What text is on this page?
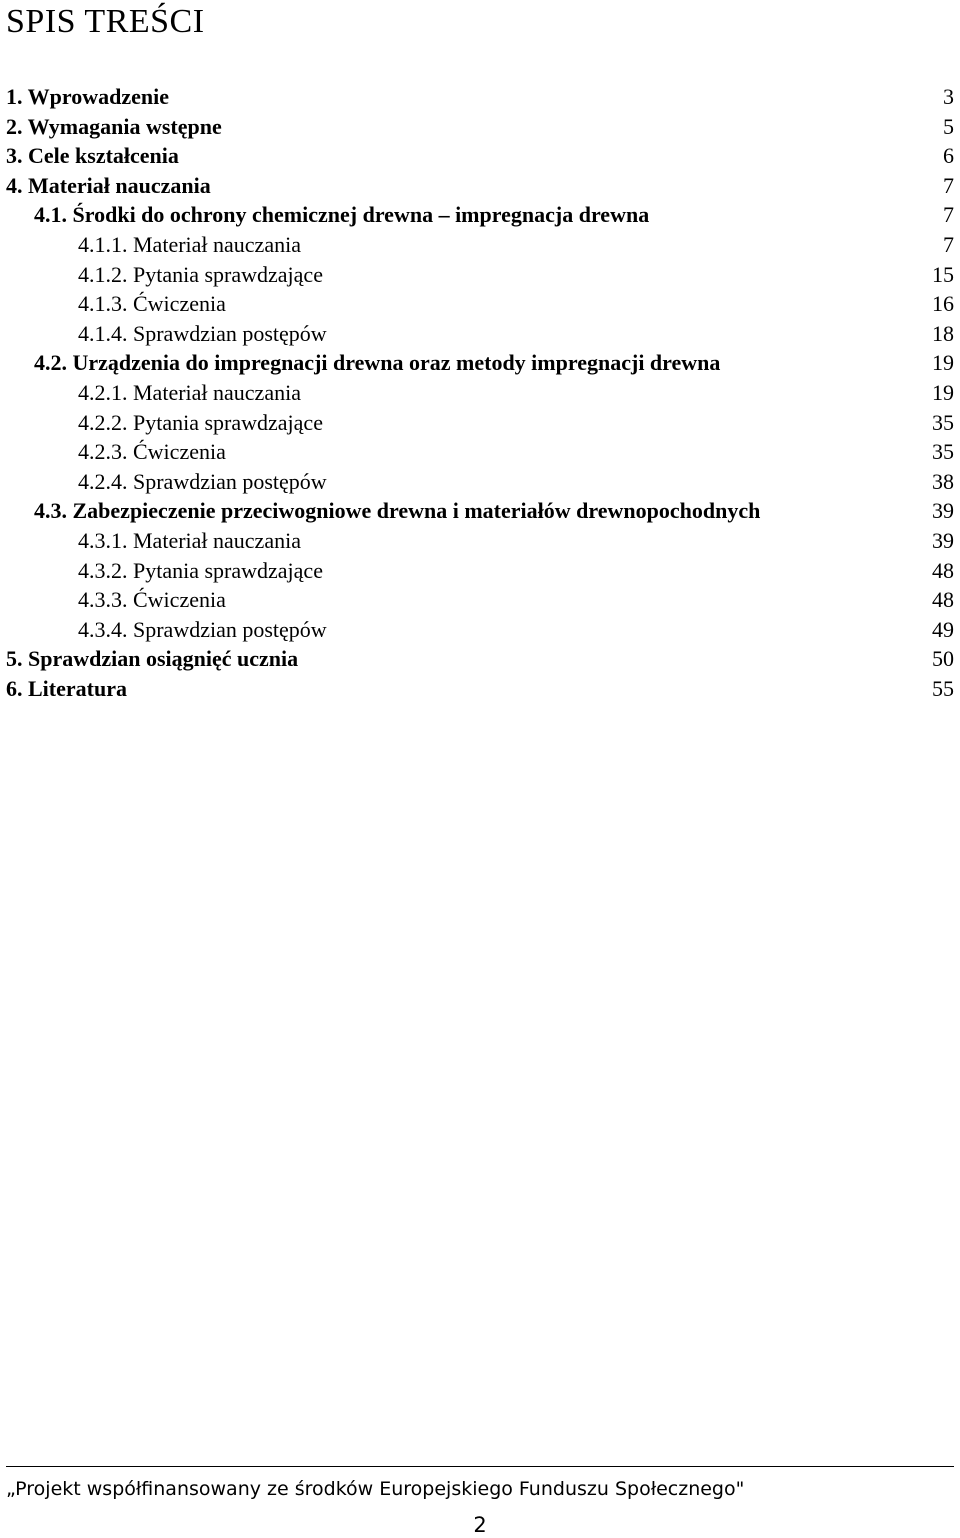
SPIS TREŚCI
1. Wprowadzenie	3
2. Wymagania wstępne	5
3. Cele kształcenia	6
4. Materiał nauczania	7
4.1. Środki do ochrony chemicznej drewna – impregnacja drewna	7
4.1.1. Materiał nauczania	7
4.1.2. Pytania sprawdzające	15
4.1.3. Ćwiczenia	16
4.1.4. Sprawdzian postępów	18
4.2. Urządzenia do impregnacji drewna oraz metody impregnacji drewna	19
4.2.1. Materiał nauczania	19
4.2.2. Pytania sprawdzające	35
4.2.3. Ćwiczenia	35
4.2.4. Sprawdzian postępów	38
4.3. Zabezpieczenie przeciwogniowe drewna i materiałów drewnopochodnych	39
4.3.1. Materiał nauczania	39
4.3.2. Pytania sprawdzające	48
4.3.3. Ćwiczenia	48
4.3.4. Sprawdzian postępów	49
5. Sprawdzian osiągnięć ucznia	50
6. Literatura	55
„Projekt współfinansowany ze środków Europejskiego Funduszu Społecznego"
2
